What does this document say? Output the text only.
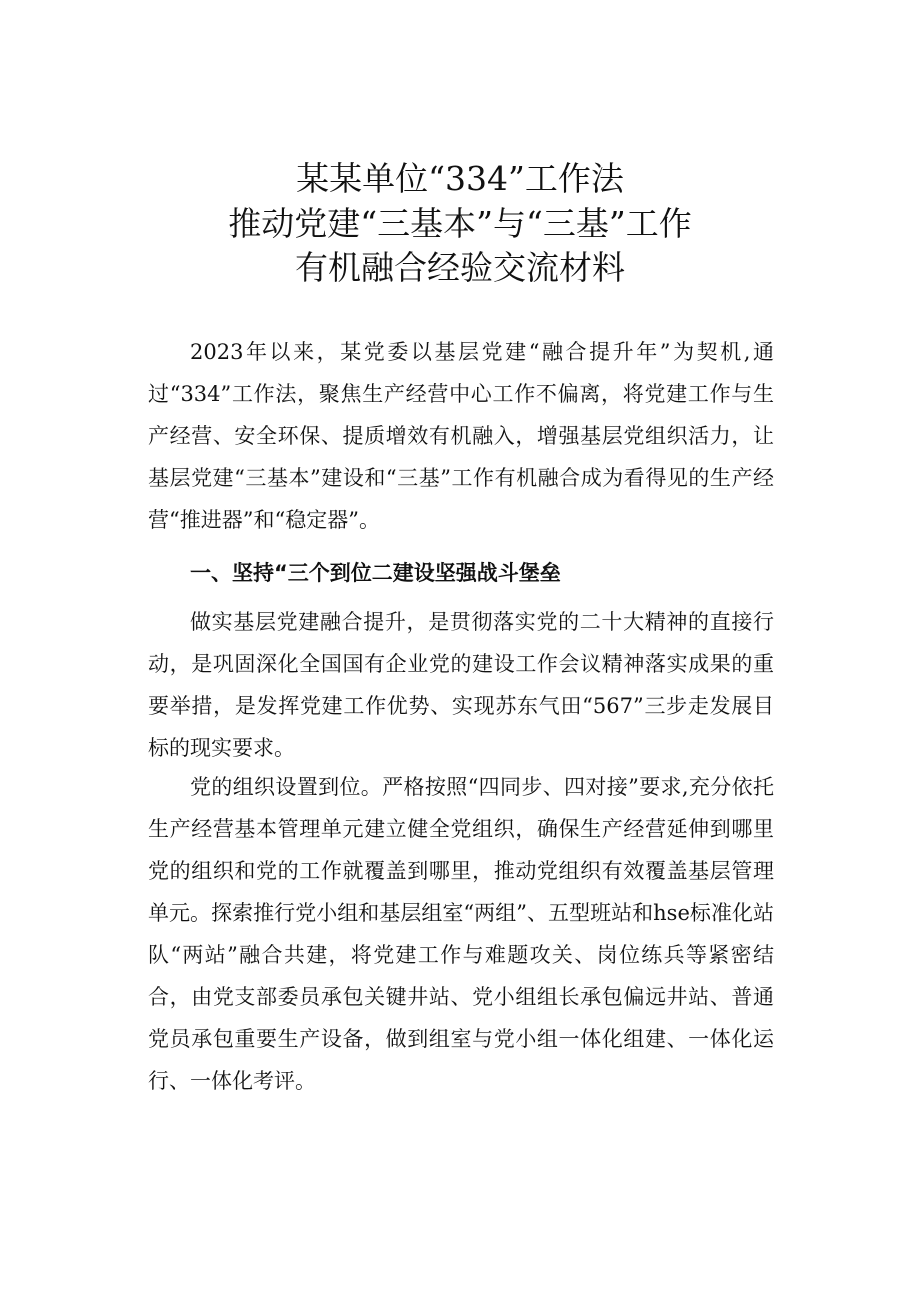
某某单位“334”工作法
推动党建“三基本”与“三基”工作
有机融合经验交流材料

2023年以来，某党委以基层党建“融合提升年”为契机,通过“334”工作法，聚焦生产经营中心工作不偏离，将党建工作与生产经营、安全环保、提质增效有机融入，增强基层党组织活力，让基层党建“三基本”建设和“三基”工作有机融合成为看得见的生产经营“推进器”和“稳定器”。

一、坚持“三个到位二建设坚强战斗堡垒

做实基层党建融合提升，是贯彻落实党的二十大精神的直接行动，是巩固深化全国国有企业党的建设工作会议精神落实成果的重要举措，是发挥党建工作优势、实现苏东气田“567”三步走发展目标的现实要求。

党的组织设置到位。严格按照“四同步、四对接”要求,充分依托生产经营基本管理单元建立健全党组织，确保生产经营延伸到哪里党的组织和党的工作就覆盖到哪里，推动党组织有效覆盖基层管理单元。探索推行党小组和基层组室“两组”、五型班站和hse标准化站队“两站”融合共建，将党建工作与难题攻关、岗位练兵等紧密结合，由党支部委员承包关键井站、党小组组长承包偏远井站、普通党员承包重要生产设备，做到组室与党小组一体化组建、一体化运行、一体化考评。
